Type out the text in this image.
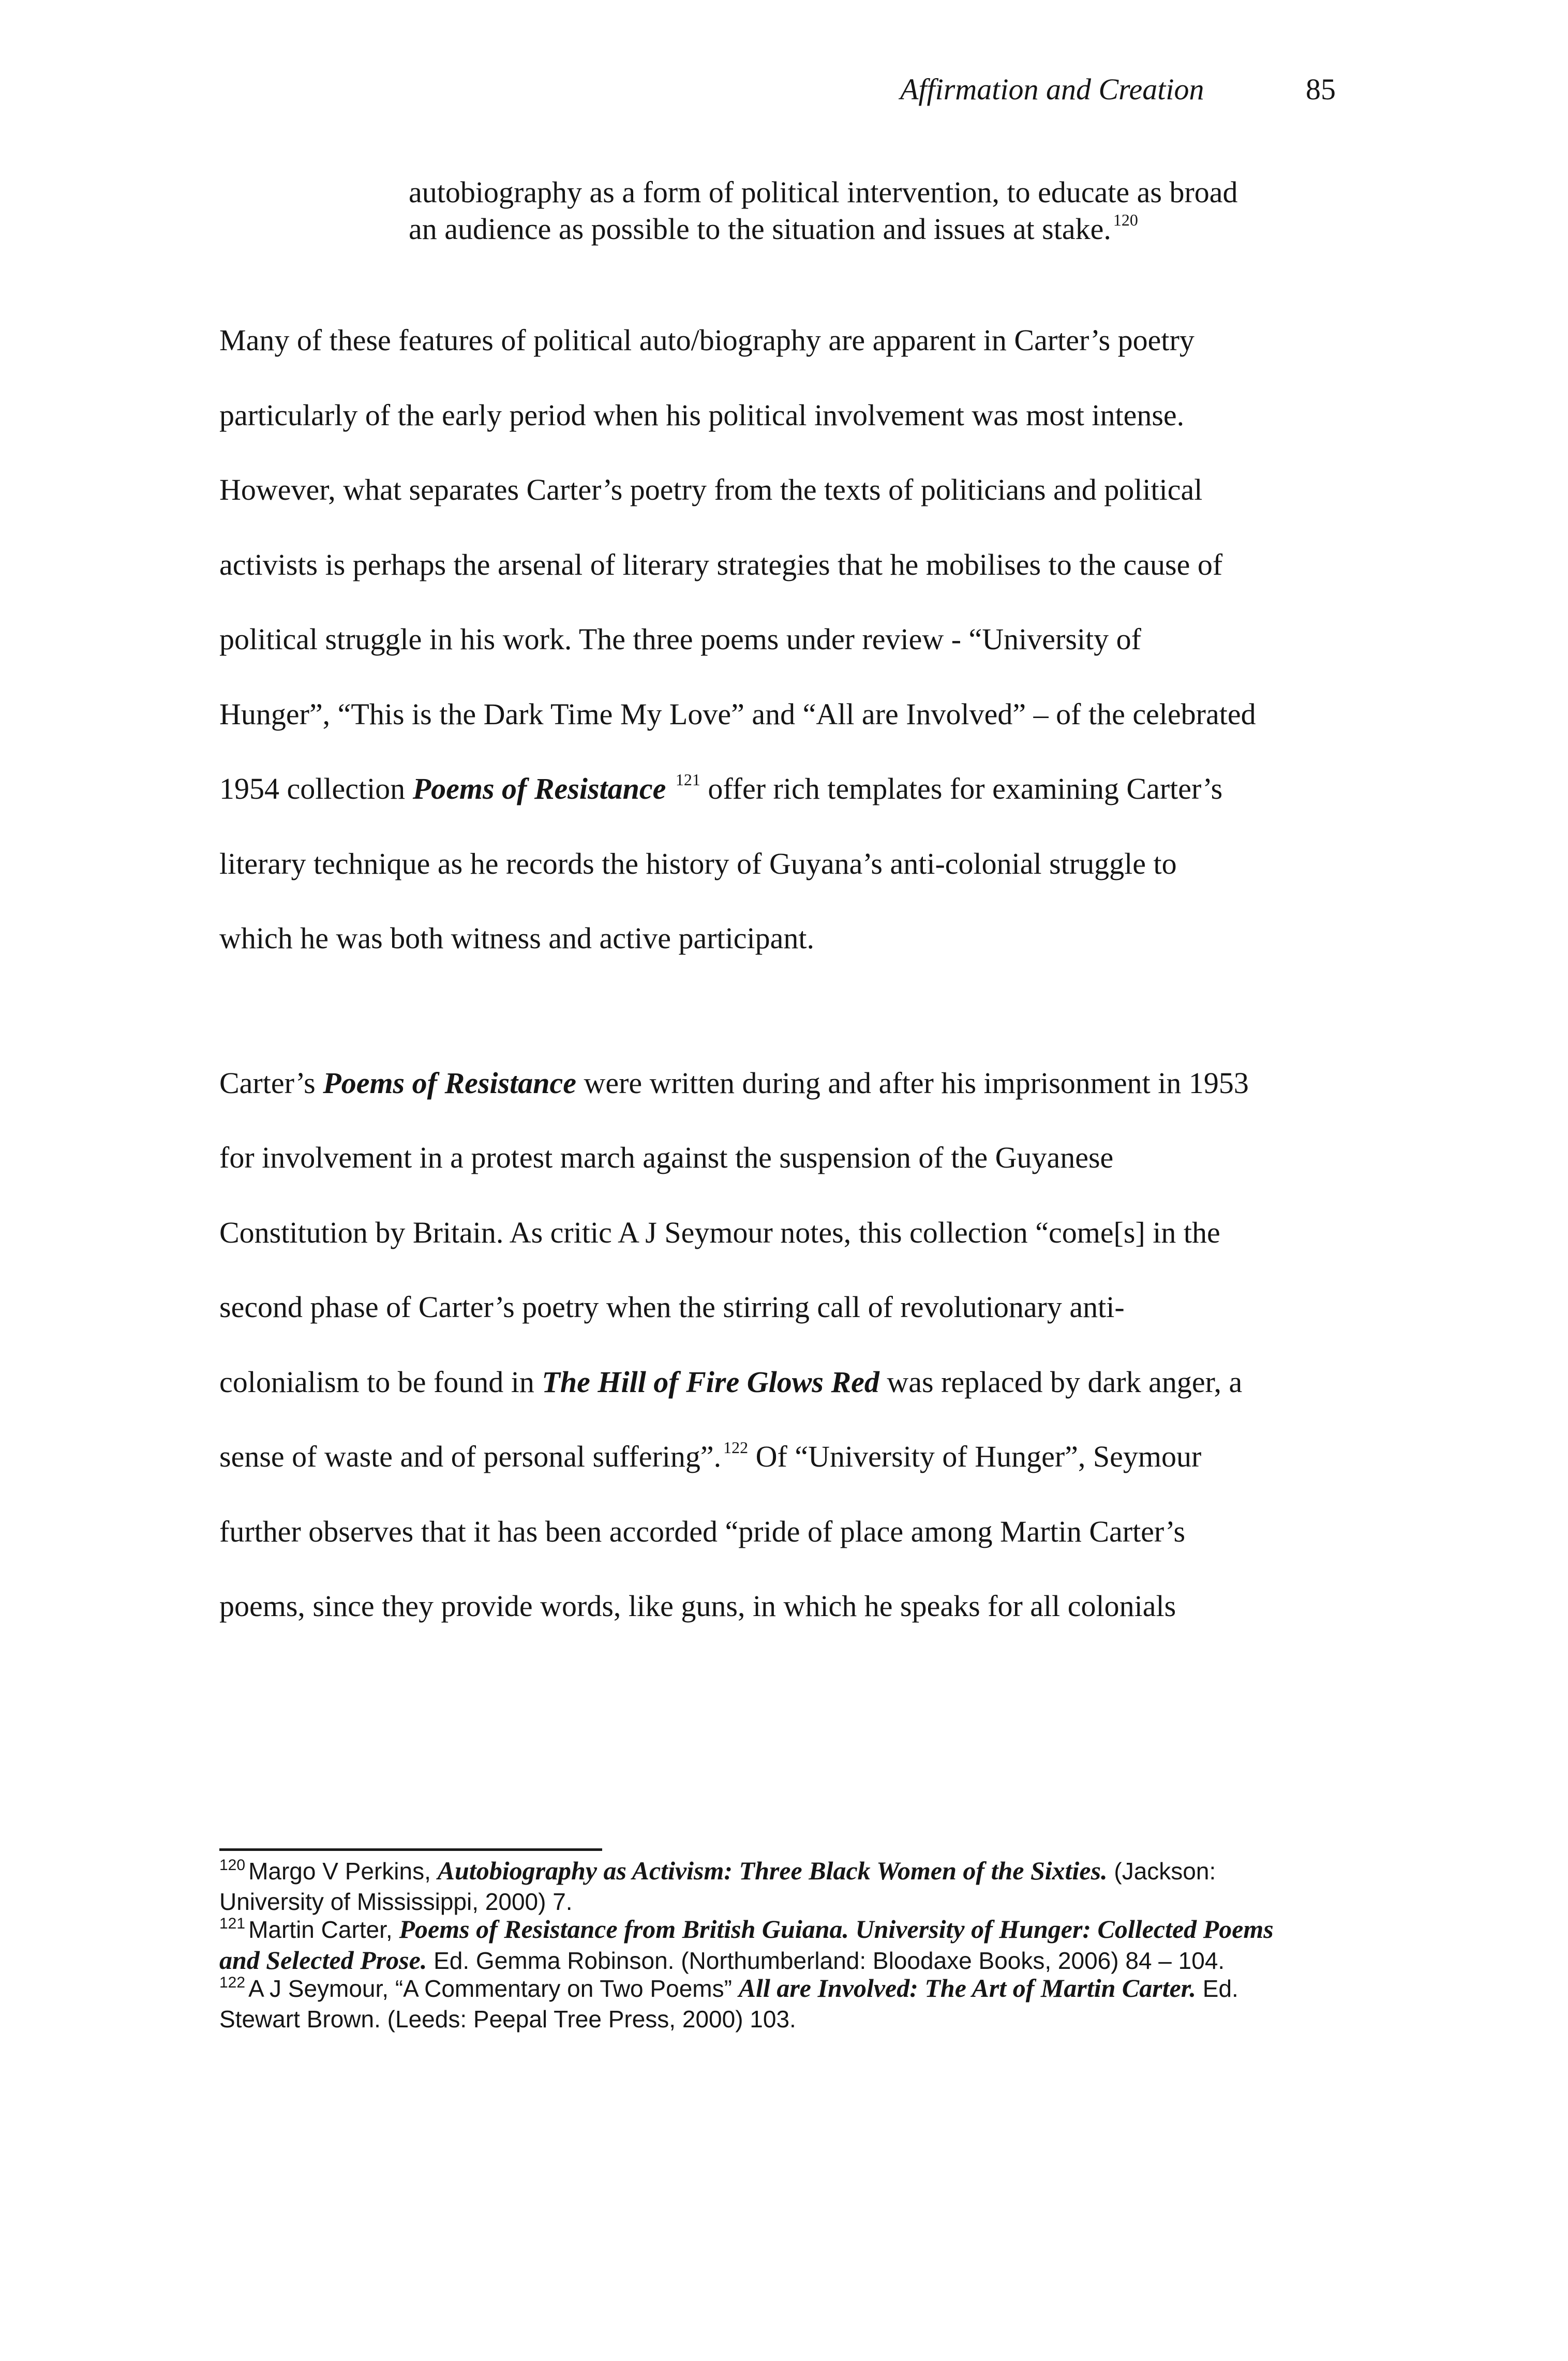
Affirmation and Creation	85
autobiography as a form of political intervention, to educate as broad
an audience as possible to the situation and issues at stake. $^{120}$
Many of these features of political auto/biography are apparent in Carter’s poetry
particularly of the early period when his political involvement was most intense.
However, what separates Carter’s poetry from the texts of politicians and political
activists is perhaps the arsenal of literary strategies that he mobilises to the cause of
political struggle in his work. The three poems under review - “University of
Hunger”, “This is the Dark Time My Love” and “All are Involved” – of the celebrated
1954 collection Poems of Resistance $^{121}$ offer rich templates for examining Carter’s
literary technique as he records the history of Guyana’s anti-colonial struggle to
which he was both witness and active participant.
Carter’s Poems of Resistance were written during and after his imprisonment in 1953
for involvement in a protest march against the suspension of the Guyanese
Constitution by Britain. As critic A J Seymour notes, this collection “come[s] in the
second phase of Carter’s poetry when the stirring call of revolutionary anti-
colonialism to be found in The Hill of Fire Glows Red was replaced by dark anger, a
sense of waste and of personal suffering”. $^{122}$ Of “University of Hunger”, Seymour
further observes that it has been accorded “pride of place among Martin Carter’s
poems, since they provide words, like guns, in which he speaks for all colonials
$^{120}$ Margo V Perkins, Autobiography as Activism: Three Black Women of the Sixties. (Jackson:
University of Mississippi, 2000) 7.
$^{121}$ Martin Carter, Poems of Resistance from British Guiana. University of Hunger: Collected Poems
and Selected Prose. Ed. Gemma Robinson. (Northumberland: Bloodaxe Books, 2006) 84 – 104.
$^{122}$ A J Seymour, “A Commentary on Two Poems” All are Involved: The Art of Martin Carter. Ed.
Stewart Brown. (Leeds: Peepal Tree Press, 2000) 103.
